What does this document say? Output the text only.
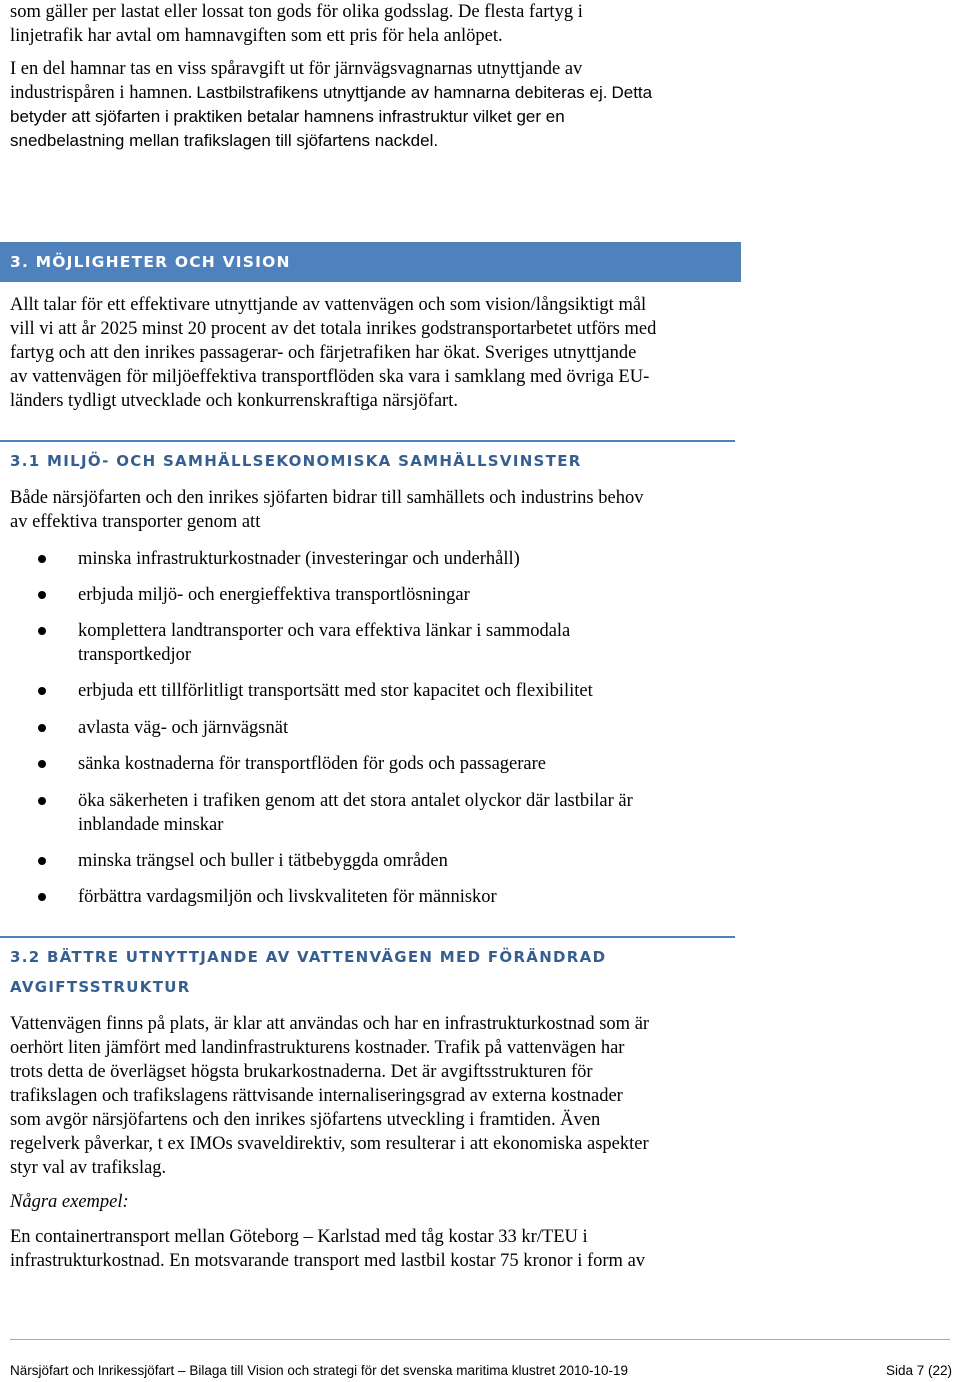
som gäller per lastat eller lossat ton gods för olika godsslag. De flesta fartyg i
linjetrafik har avtal om hamnavgiften som ett pris för hela anlöpet.

I en del hamnar tas en viss spåravgift ut för järnvägsvagnarnas utnyttjande av
industrispåren i hamnen. Lastbilstrafikens utnyttjande av hamnarna debiteras ej. Detta
betyder att sjöfarten i praktiken betalar hamnens infrastruktur vilket ger en
snedbelastning mellan trafikslagen till sjöfartens nackdel.
3. MÖJLIGHETER OCH VISION

Allt talar för ett effektivare utnyttjande av vattenvägen och som vision/långsiktigt mål
vill vi att år 2025 minst 20 procent av det totala inrikes godstransportarbetet utförs med
fartyg och att den inrikes passagerar- och färjetrafiken har ökat. Sveriges utnyttjande
av vattenvägen för miljöeffektiva transportflöden ska vara i samklang med övriga EU-
länders tydligt utvecklade och konkurrenskraftiga närsjöfart.

3.1 MILJÖ- OCH SAMHÄLLSEKONOMISKA SAMHÄLLSVINSTER

Både närsjöfarten och den inrikes sjöfarten bidrar till samhällets och industrins behov
av effektiva transporter genom att

minska infrastrukturkostnader (investeringar och underhåll)
erbjuda miljö- och energieffektiva transportlösningar
komplettera landtransporter och vara effektiva länkar i sammodala
transportkedjor
erbjuda ett tillförlitligt transportsätt med stor kapacitet och flexibilitet
avlasta väg- och järnvägsnät
sänka kostnaderna för transportflöden för gods och passagerare
öka säkerheten i trafiken genom att det stora antalet olyckor där lastbilar är
inblandade minskar
minska trängsel och buller i tätbebyggda områden
förbättra vardagsmiljön och livskvaliteten för människor
3.2 BÄTTRE UTNYTTJANDE AV VATTENVÄGEN MED FÖRÄNDRAD
AVGIFTSSTRUKTUR

Vattenvägen finns på plats, är klar att användas och har en infrastrukturkostnad som är
oerhört liten jämfört med landinfrastrukturens kostnader. Trafik på vattenvägen har
trots detta de överlägset högsta brukarkostnaderna. Det är avgiftsstrukturen för
trafikslagen och trafikslagens rättvisande internaliseringsgrad av externa kostnader
som avgör närsjöfartens och den inrikes sjöfartens utveckling i framtiden. Även
regelverk påverkar, t ex IMOs svaveldirektiv, som resulterar i att ekonomiska aspekter
styr val av trafikslag.

Några exempel:

En containertransport mellan Göteborg – Karlstad med tåg kostar 33 kr/TEU i
infrastrukturkostnad. En motsvarande transport med lastbil kostar 75 kronor i form av

Närsjöfart och Inrikessjöfart – Bilaga till Vision och strategi för det svenska maritima klustret 2010-10-19	Sida 7 (22)
